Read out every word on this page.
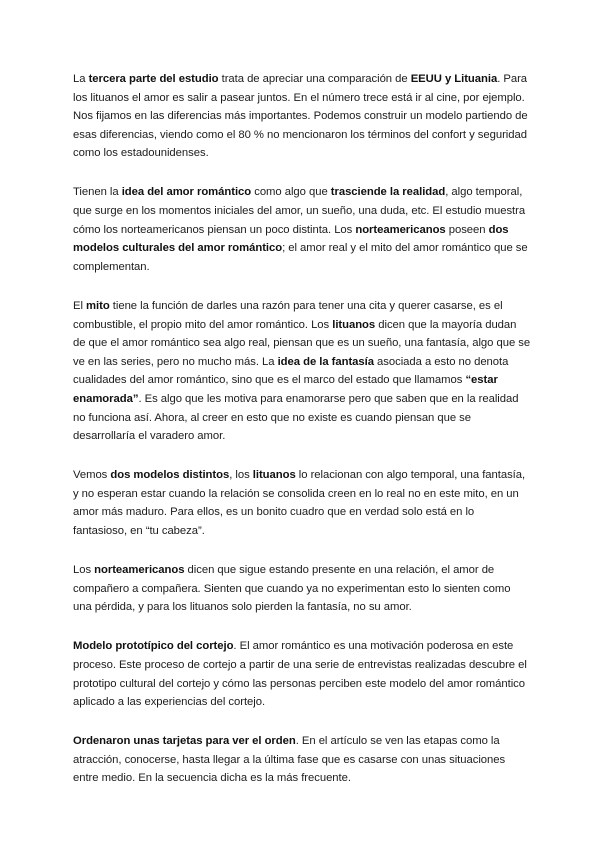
La tercera parte del estudio trata de apreciar una comparación de EEUU y Lituania. Para los lituanos el amor es salir a pasear juntos. En el número trece está ir al cine, por ejemplo. Nos fijamos en las diferencias más importantes. Podemos construir un modelo partiendo de esas diferencias, viendo como el 80 % no mencionaron los términos del confort y seguridad como los estadounidenses.

Tienen la idea del amor romántico como algo que trasciende la realidad, algo temporal, que surge en los momentos iniciales del amor, un sueño, una duda, etc. El estudio muestra cómo los norteamericanos piensan un poco distinta. Los norteamericanos poseen dos modelos culturales del amor romántico; el amor real y el mito del amor romántico que se complementan.

El mito tiene la función de darles una razón para tener una cita y querer casarse, es el combustible, el propio mito del amor romántico. Los lituanos dicen que la mayoría dudan de que el amor romántico sea algo real, piensan que es un sueño, una fantasía, algo que se ve en las series, pero no mucho más. La idea de la fantasía asociada a esto no denota cualidades del amor romántico, sino que es el marco del estado que llamamos “estar enamorada”. Es algo que les motiva para enamorarse pero que saben que en la realidad no funciona así. Ahora, al creer en esto que no existe es cuando piensan que se desarrollaría el varadero amor.

Vemos dos modelos distintos, los lituanos lo relacionan con algo temporal, una fantasía, y no esperan estar cuando la relación se consolida creen en lo real no en este mito, en un amor más maduro. Para ellos, es un bonito cuadro que en verdad solo está en lo fantasioso, en “tu cabeza”.

Los norteamericanos dicen que sigue estando presente en una relación, el amor de compañero a compañera. Sienten que cuando ya no experimentan esto lo sienten como una pérdida, y para los lituanos solo pierden la fantasía, no su amor.

Modelo prototípico del cortejo. El amor romántico es una motivación poderosa en este proceso. Este proceso de cortejo a partir de una serie de entrevistas realizadas descubre el prototipo cultural del cortejo y cómo las personas perciben este modelo del amor romántico aplicado a las experiencias del cortejo.

Ordenaron unas tarjetas para ver el orden. En el artículo se ven las etapas como la atracción, conocerse, hasta llegar a la última fase que es casarse con unas situaciones entre medio. En la secuencia dicha es la más frecuente.
